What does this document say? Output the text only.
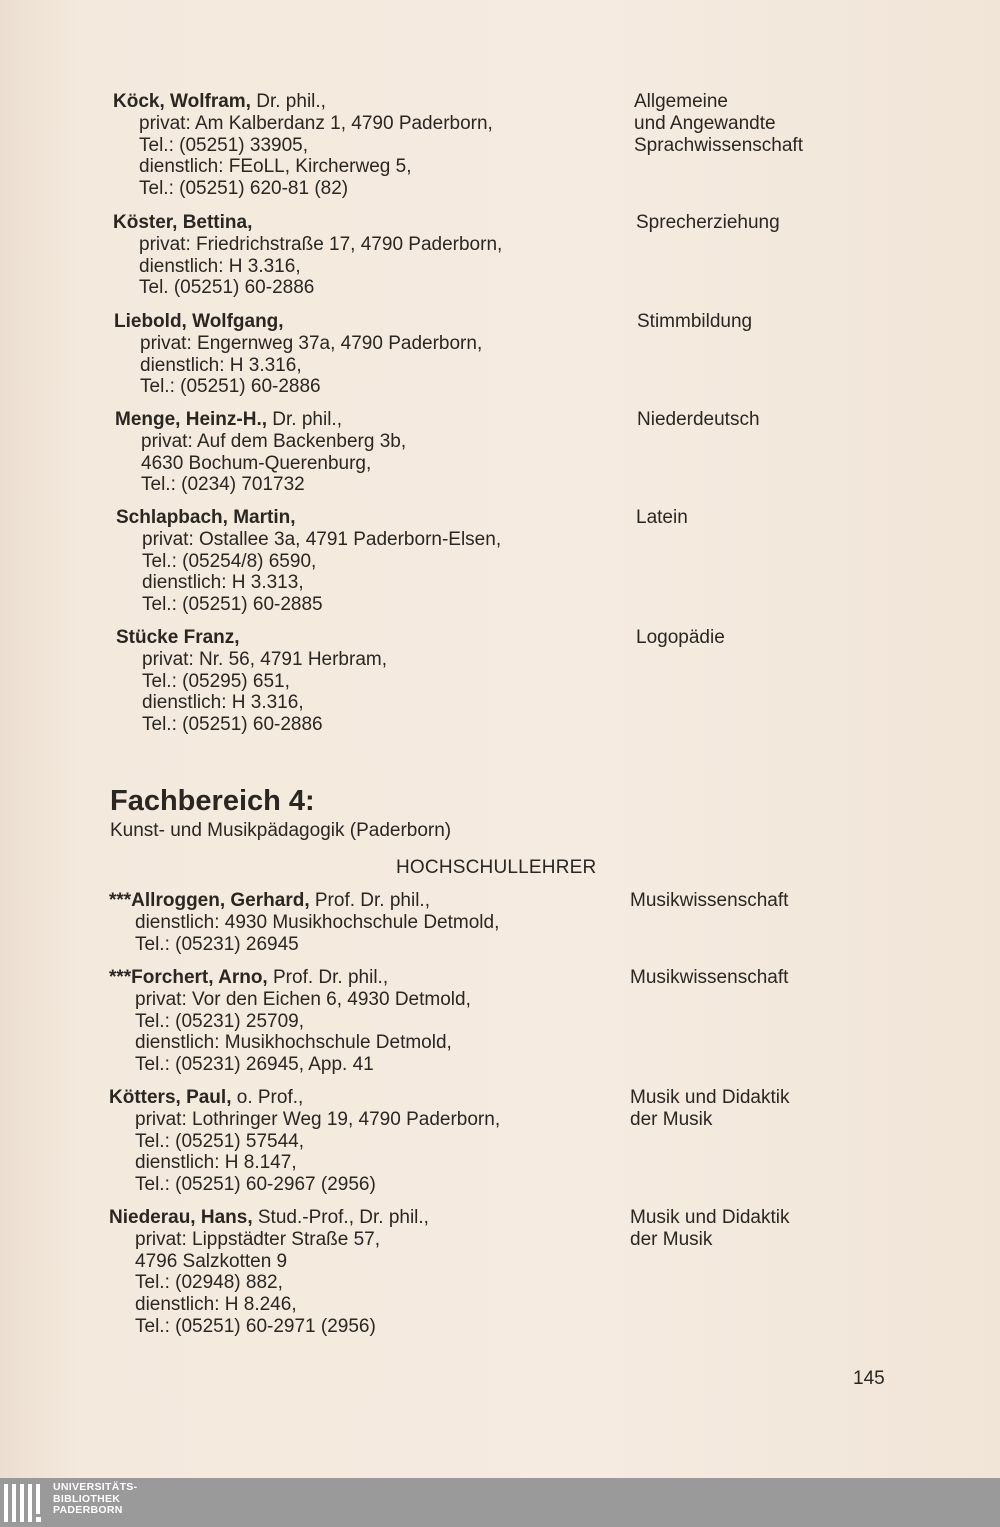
Köck, Wolfram, Dr. phil.,
privat: Am Kalberdanz 1, 4790 Paderborn,
Tel.: (05251) 33905,
dienstlich: FEoLL, Kircherweg 5,
Tel.: (05251) 620-81 (82)
Allgemeine
und Angewandte
Sprachwissenschaft
Köster, Bettina,
privat: Friedrichstraße 17, 4790 Paderborn,
dienstlich: H 3.316,
Tel. (05251) 60-2886
Sprecherziehung
Liebold, Wolfgang,
privat: Engernweg 37a, 4790 Paderborn,
dienstlich: H 3.316,
Tel.: (05251) 60-2886
Stimmbildung
Menge, Heinz-H., Dr. phil.,
privat: Auf dem Backenberg 3b,
4630 Bochum-Querenburg,
Tel.: (0234) 701732
Niederdeutsch
Schlapbach, Martin,
privat: Ostallee 3a, 4791 Paderborn-Elsen,
Tel.: (05254/8) 6590,
dienstlich: H 3.313,
Tel.: (05251) 60-2885
Latein
Stücke Franz,
privat: Nr. 56, 4791 Herbram,
Tel.: (05295) 651,
dienstlich: H 3.316,
Tel.: (05251) 60-2886
Logopädie
Fachbereich 4:
Kunst- und Musikpädagogik (Paderborn)
HOCHSCHULLEHRER
***Allroggen, Gerhard, Prof. Dr. phil.,
dienstlich: 4930 Musikhochschule Detmold,
Tel.: (05231) 26945
Musikwissenschaft
***Forchert, Arno, Prof. Dr. phil.,
privat: Vor den Eichen 6, 4930 Detmold,
Tel.: (05231) 25709,
dienstlich: Musikhochschule Detmold,
Tel.: (05231) 26945, App. 41
Musikwissenschaft
Kötters, Paul, o. Prof.,
privat: Lothringer Weg 19, 4790 Paderborn,
Tel.: (05251) 57544,
dienstlich: H 8.147,
Tel.: (05251) 60-2967 (2956)
Musik und Didaktik
der Musik
Niederau, Hans, Stud.-Prof., Dr. phil.,
privat: Lippstädter Straße 57,
4796 Salzkotten 9
Tel.: (02948) 882,
dienstlich: H 8.246,
Tel.: (05251) 60-2971 (2956)
Musik und Didaktik
der Musik
145
UNIVERSITÄTS-
BIBLIOTHEK
PADERBORN
